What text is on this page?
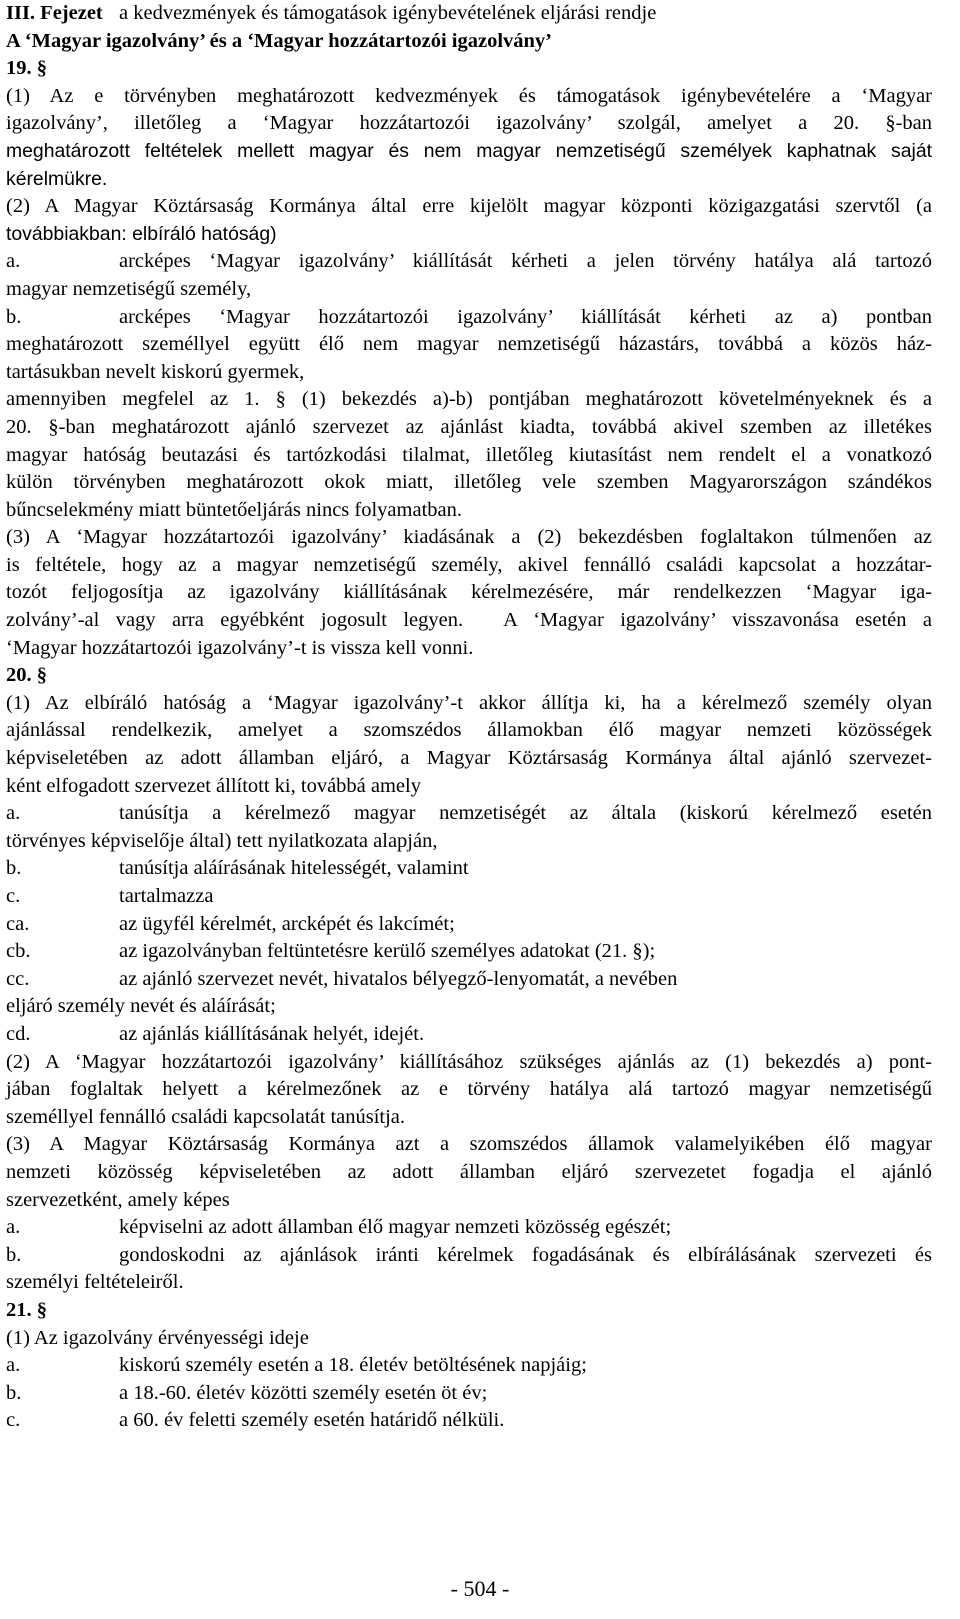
III. Fejezet a kedvezmények és támogatások igénybevételének eljárási rendje
A ‘Magyar igazolvány’ és a ‘Magyar hozzátartozói igazolvány’
19. §
(1) Az e törvényben meghatározott kedvezmények és támogatások igénybevételére a ‘Magyar
igazolvány’, illetőleg a ‘Magyar hozzátartozói igazolvány’ szolgál, amelyet a 20. §-ban
meghatározott feltételek mellett magyar és nem magyar nemzetiségű személyek kaphatnak saját
kérelmükre.
(2) A Magyar Köztársaság Kormánya által erre kijelölt magyar központi közigazgatási szervtől (a
továbbiakban: elbíráló hatóság)
a.	arcképes ‘Magyar igazolvány’ kiállítását kérheti a jelen törvény hatálya alá tartozó
magyar nemzetiségű személy,
b.	arcképes ‘Magyar hozzátartozói igazolvány’ kiállítását kérheti az a) pontban
meghatározott személlyel együtt élő nem magyar nemzetiségű házastárs, továbbá a közös ház-
tartásukban nevelt kiskorú gyermek,
amennyiben megfelel az 1. § (1) bekezdés a)-b) pontjában meghatározott követelményeknek és a
20. §-ban meghatározott ajánló szervezet az ajánlást kiadta, továbbá akivel szemben az illetékes
magyar hatóság beutazási és tartózkodási tilalmat, illetőleg kiutasítást nem rendelt el a vonatkozó
külön törvényben meghatározott okok miatt, illetőleg vele szemben Magyarországon szándékos
bűncselekmény miatt büntetőeljárás nincs folyamatban.
(3) A ‘Magyar hozzátartozói igazolvány’ kiadásának a (2) bekezdésben foglaltakon túlmenően az
is feltétele, hogy az a magyar nemzetiségű személy, akivel fennálló családi kapcsolat a hozzátar-
tozót feljogosítja az igazolvány kiállításának kérelmezésére, már rendelkezzen ‘Magyar iga-
zolvány’-al vagy arra egyébként jogosult legyen. A ‘Magyar igazolvány’ visszavonása esetén a
‘Magyar hozzátartozói igazolvány’-t is vissza kell vonni.
20. §
(1) Az elbíráló hatóság a ‘Magyar igazolvány’-t akkor állítja ki, ha a kérelmező személy olyan
ajánlással rendelkezik, amelyet a szomszédos államokban élő magyar nemzeti közösségek
képviseletében az adott államban eljáró, a Magyar Köztársaság Kormánya által ajánló szervezet-
ként elfogadott szervezet állított ki, továbbá amely
a.	tanúsítja a kérelmező magyar nemzetiségét az általa (kiskorú kérelmező esetén
törvényes képviselője által) tett nyilatkozata alapján,
b.	tanúsítja aláírásának hitelességét, valamint
c.	tartalmazza
ca.	az ügyfél kérelmét, arcképét és lakcímét;
cb.	az igazolványban feltüntetésre kerülő személyes adatokat (21. §);
cc.	az ajánló szervezet nevét, hivatalos bélyegző-lenyomatát, a nevében
eljáró személy nevét és aláírását;
cd.	az ajánlás kiállításának helyét, idejét.
(2) A ‘Magyar hozzátartozói igazolvány’ kiállításához szükséges ajánlás az (1) bekezdés a) pont-
jában foglaltak helyett a kérelmezőnek az e törvény hatálya alá tartozó magyar nemzetiségű
személlyel fennálló családi kapcsolatát tanúsítja.
(3) A Magyar Köztársaság Kormánya azt a szomszédos államok valamelyikében élő magyar
nemzeti közösség képviseletében az adott államban eljáró szervezetet fogadja el ajánló
szervezetként, amely képes
a.	képviselni az adott államban élő magyar nemzeti közösség egészét;
b.	gondoskodni az ajánlások iránti kérelmek fogadásának és elbírálásának szervezeti és
személyi feltételeiről.
21. §
(1) Az igazolvány érvényességi ideje
a.	kiskorú személy esetén a 18. életév betöltésének napjáig;
b.	a 18.-60. életév közötti személy esetén öt év;
c.	a 60. év feletti személy esetén határidő nélküli.
- 504 -
